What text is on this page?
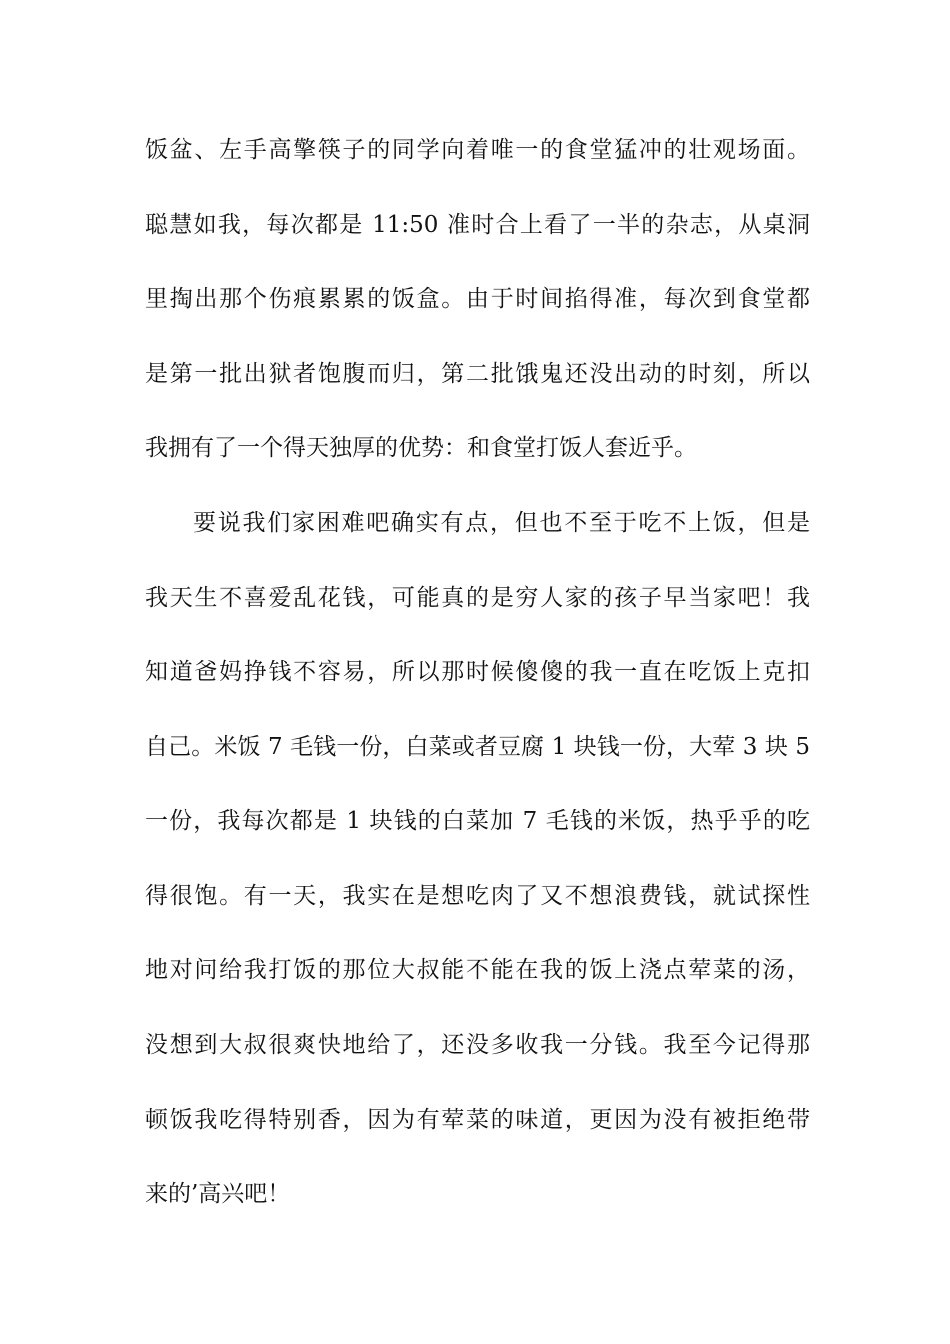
饭盆、左手高擎筷子的同学向着唯一的食堂猛冲的壮观场面。
聪慧如我，每次都是 11:50 准时合上看了一半的杂志，从桌洞
里掏出那个伤痕累累的饭盒。由于时间掐得准，每次到食堂都
是第一批出狱者饱腹而归，第二批饿鬼还没出动的时刻，所以
我拥有了一个得天独厚的优势：和食堂打饭人套近乎。
要说我们家困难吧确实有点，但也不至于吃不上饭，但是
我天生不喜爱乱花钱，可能真的是穷人家的孩子早当家吧！我
知道爸妈挣钱不容易，所以那时候傻傻的我一直在吃饭上克扣
自己。米饭 7 毛钱一份，白菜或者豆腐 1 块钱一份，大荤 3 块 5
一份，我每次都是 1 块钱的白菜加 7 毛钱的米饭，热乎乎的吃
得很饱。有一天，我实在是想吃肉了又不想浪费钱，就试探性
地对问给我打饭的那位大叔能不能在我的饭上浇点荤菜的汤，
没想到大叔很爽快地给了，还没多收我一分钱。我至今记得那
顿饭我吃得特别香，因为有荤菜的味道，更因为没有被拒绝带
来的’高兴吧！
